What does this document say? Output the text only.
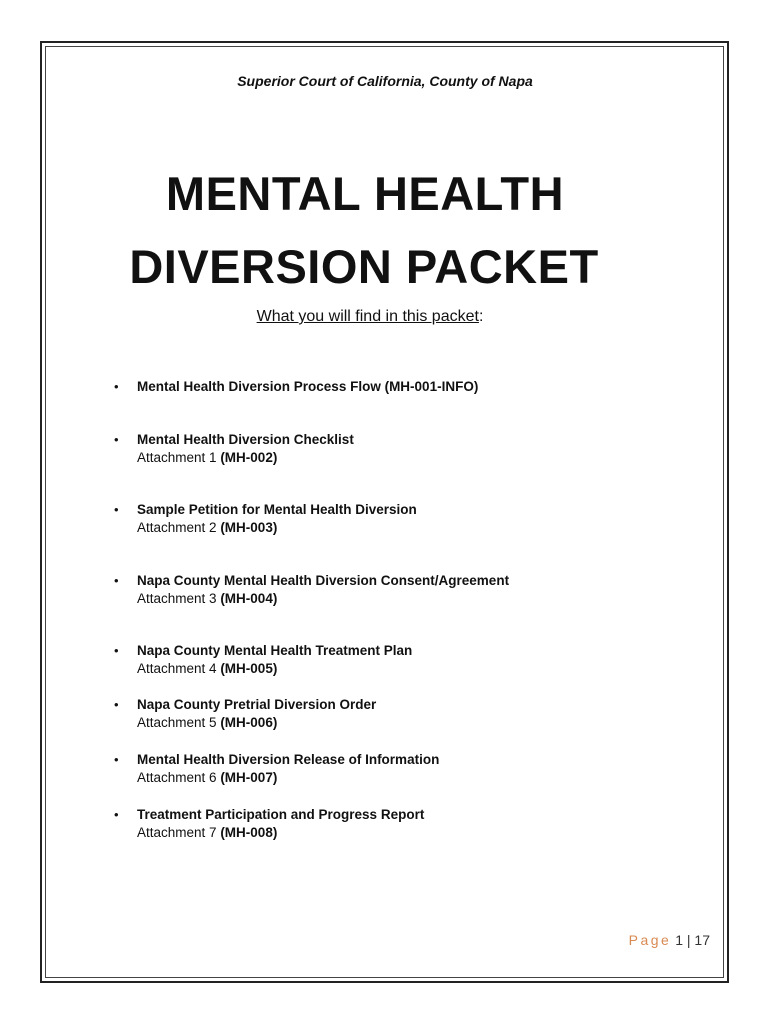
Superior Court of California, County of Napa
MENTAL HEALTH
DIVERSION PACKET
What you will find in this packet:
• Mental Health Diversion Process Flow (MH-001-INFO)
• Mental Health Diversion Checklist
Attachment 1 (MH-002)
• Sample Petition for Mental Health Diversion
Attachment 2 (MH-003)
• Napa County Mental Health Diversion Consent/Agreement
Attachment 3 (MH-004)
• Napa County Mental Health Treatment Plan
Attachment 4 (MH-005)
• Napa County Pretrial Diversion Order
Attachment 5 (MH-006)
• Mental Health Diversion Release of Information
Attachment 6 (MH-007)
• Treatment Participation and Progress Report
Attachment 7 (MH-008)
Page 1 | 17
